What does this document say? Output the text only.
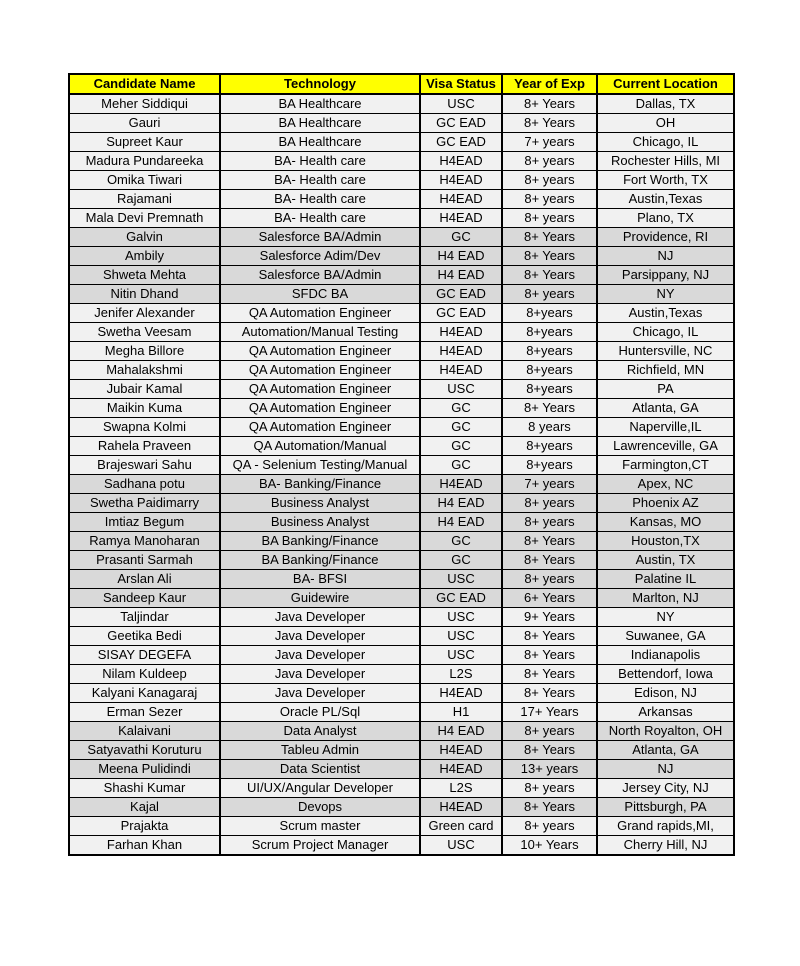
Candidate Name	Technology	Visa Status	Year of Exp	Current Location
Meher Siddiqui	BA Healthcare	USC	8+ Years	Dallas, TX
Gauri	BA Healthcare	GC EAD	8+ Years	OH
Supreet Kaur	BA Healthcare	GC EAD	7+ years	Chicago, IL
Madura Pundareeka	BA- Health care	H4EAD	8+ years	Rochester Hills, MI
Omika Tiwari	BA- Health care	H4EAD	8+ years	Fort Worth, TX
Rajamani	BA- Health care	H4EAD	8+ years	Austin,Texas
Mala Devi Premnath	BA- Health care	H4EAD	8+ years	Plano, TX
Galvin	Salesforce BA/Admin	GC	8+ Years	Providence, RI
Ambily	Salesforce Adim/Dev	H4 EAD	8+ Years	NJ
Shweta Mehta	Salesforce BA/Admin	H4 EAD	8+ Years	Parsippany, NJ
Nitin Dhand	SFDC BA	GC EAD	8+ years	NY
Jenifer Alexander	QA Automation Engineer	GC EAD	8+years	Austin,Texas
Swetha Veesam	Automation/Manual Testing	H4EAD	8+years	Chicago, IL
Megha Billore	QA Automation Engineer	H4EAD	8+years	Huntersville, NC
Mahalakshmi	QA Automation Engineer	H4EAD	8+years	Richfield, MN
Jubair Kamal	QA Automation Engineer	USC	8+years	PA
Maikin Kuma	QA Automation Engineer	GC	8+ Years	Atlanta, GA
Swapna Kolmi	QA Automation Engineer	GC	8 years	Naperville,IL
Rahela Praveen	QA Automation/Manual	GC	8+years	Lawrenceville, GA
Brajeswari Sahu	QA - Selenium Testing/Manual	GC	8+years	Farmington,CT
Sadhana potu	BA- Banking/Finance	H4EAD	7+ years	Apex, NC
Swetha Paidimarry	Business Analyst	H4 EAD	8+ years	Phoenix AZ
Imtiaz Begum	Business Analyst	H4 EAD	8+ years	Kansas, MO
Ramya Manoharan	BA Banking/Finance	GC	8+ Years	Houston,TX
Prasanti Sarmah	BA Banking/Finance	GC	8+ Years	Austin, TX
Arslan Ali	BA- BFSI	USC	8+ years	Palatine IL
Sandeep Kaur	Guidewire	GC EAD	6+ Years	Marlton, NJ
Taljindar	Java Developer	USC	9+ Years	NY
Geetika Bedi	Java Developer	USC	8+ Years	Suwanee, GA
SISAY DEGEFA	Java Developer	USC	8+ Years	Indianapolis
Nilam Kuldeep	Java Developer	L2S	8+ Years	Bettendorf, Iowa
Kalyani Kanagaraj	Java Developer	H4EAD	8+ Years	Edison, NJ
Erman Sezer	Oracle PL/Sql	H1	17+ Years	Arkansas
Kalaivani	Data Analyst	H4 EAD	8+ years	North Royalton, OH
Satyavathi Koruturu	Tableu Admin	H4EAD	8+ Years	Atlanta, GA
Meena Pulidindi	Data Scientist	H4EAD	13+ years	NJ
Shashi Kumar	UI/UX/Angular Developer	L2S	8+ years	Jersey City, NJ
Kajal	Devops	H4EAD	8+ Years	Pittsburgh, PA
Prajakta	Scrum master	Green card	8+ years	Grand rapids,MI,
Farhan Khan	Scrum Project Manager	USC	10+ Years	Cherry Hill, NJ
